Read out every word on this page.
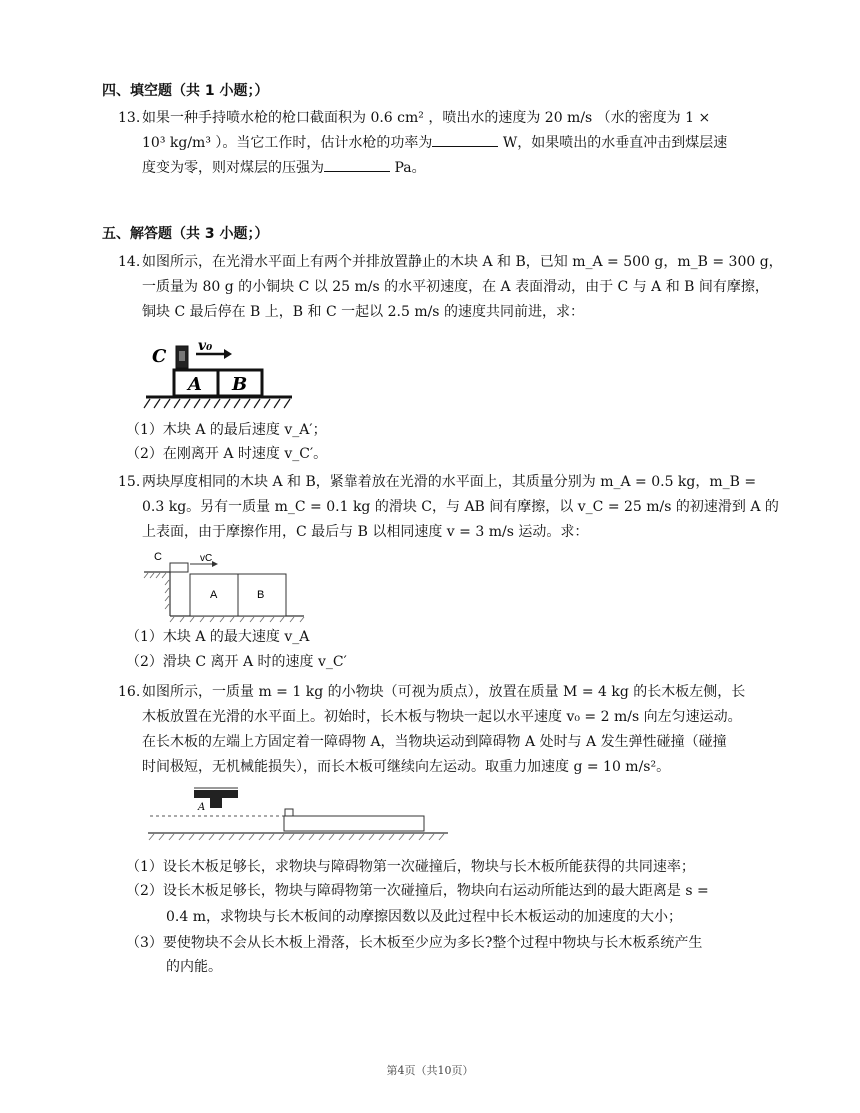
四、填空题（共 1 小题；）
13. 如果一种手持喷水枪的枪口截面积为 0.6 cm² ，喷出水的速度为 20 m/s （水的密度为 1 ×
10³ kg/m³ ）。当它工作时，估计水枪的功率为	W，如果喷出的水垂直冲击到煤层速
度变为零，则对煤层的压强为	Pa。
五、解答题（共 3 小题；）
14. 如图所示，在光滑水平面上有两个并排放置静止的木块 A 和 B，已知 m_A = 500 g，m_B = 300 g，
一质量为 80 g 的小铜块 C 以 25 m/s 的水平初速度，在 A 表面滑动，由于 C 与 A 和 B 间有摩擦，
铜块 C 最后停在 B 上，B 和 C 一起以 2.5 m/s 的速度共同前进，求：
C v₀
A B
（1）木块 A 的最后速度 v_A′；
（2）在刚离开 A 时速度 v_C′。
15. 两块厚度相同的木块 A 和 B，紧靠着放在光滑的水平面上，其质量分别为 m_A = 0.5 kg，m_B =
0.3 kg。另有一质量 m_C = 0.1 kg 的滑块 C，与 AB 间有摩擦，以 v_C = 25 m/s 的初速滑到 A 的
上表面，由于摩擦作用，C 最后与 B 以相同速度 v = 3 m/s 运动。求：
C	vC
A	B
（1）木块 A 的最大速度 v_A
（2）滑块 C 离开 A 时的速度 v_C′
16. 如图所示，一质量 m = 1 kg 的小物块（可视为质点），放置在质量 M = 4 kg 的长木板左侧，长
木板放置在光滑的水平面上。初始时，长木板与物块一起以水平速度 v₀ = 2 m/s 向左匀速运动。
在长木板的左端上方固定着一障碍物 A，当物块运动到障碍物 A 处时与 A 发生弹性碰撞（碰撞
时间极短，无机械能损失），而长木板可继续向左运动。取重力加速度 g = 10 m/s²。
A
（1）设长木板足够长，求物块与障碍物第一次碰撞后，物块与长木板所能获得的共同速率；
（2）设长木板足够长，物块与障碍物第一次碰撞后，物块向右运动所能达到的最大距离是 s =
0.4 m，求物块与长木板间的动摩擦因数以及此过程中长木板运动的加速度的大小；
（3）要使物块不会从长木板上滑落，长木板至少应为多长?整个过程中物块与长木板系统产生
的内能。
第4页（共10页）
